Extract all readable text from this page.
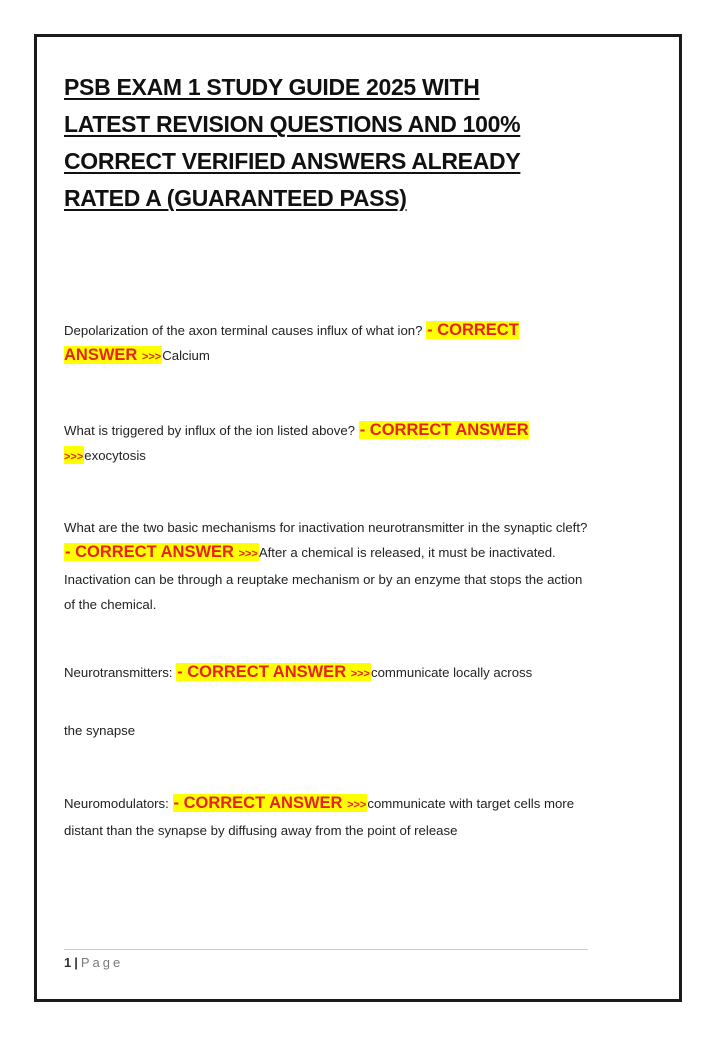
PSB EXAM 1 STUDY GUIDE 2025 WITH
LATEST REVISION QUESTIONS AND 100%
CORRECT VERIFIED ANSWERS ALREADY
RATED A (GUARANTEED PASS)

Depolarization of the axon terminal causes influx of what ion? - CORRECT ANSWER >>>Calcium

What is triggered by influx of the ion listed above? - CORRECT ANSWER >>>exocytosis

What are the two basic mechanisms for inactivation neurotransmitter in the synaptic cleft? - CORRECT ANSWER >>>After a chemical is released, it must be inactivated. Inactivation can be through a reuptake mechanism or by an enzyme that stops the action of the chemical.

Neurotransmitters: - CORRECT ANSWER >>>communicate locally across

the synapse

Neuromodulators: - CORRECT ANSWER >>>communicate with target cells more distant than the synapse by diffusing away from the point of release

1 | Page
